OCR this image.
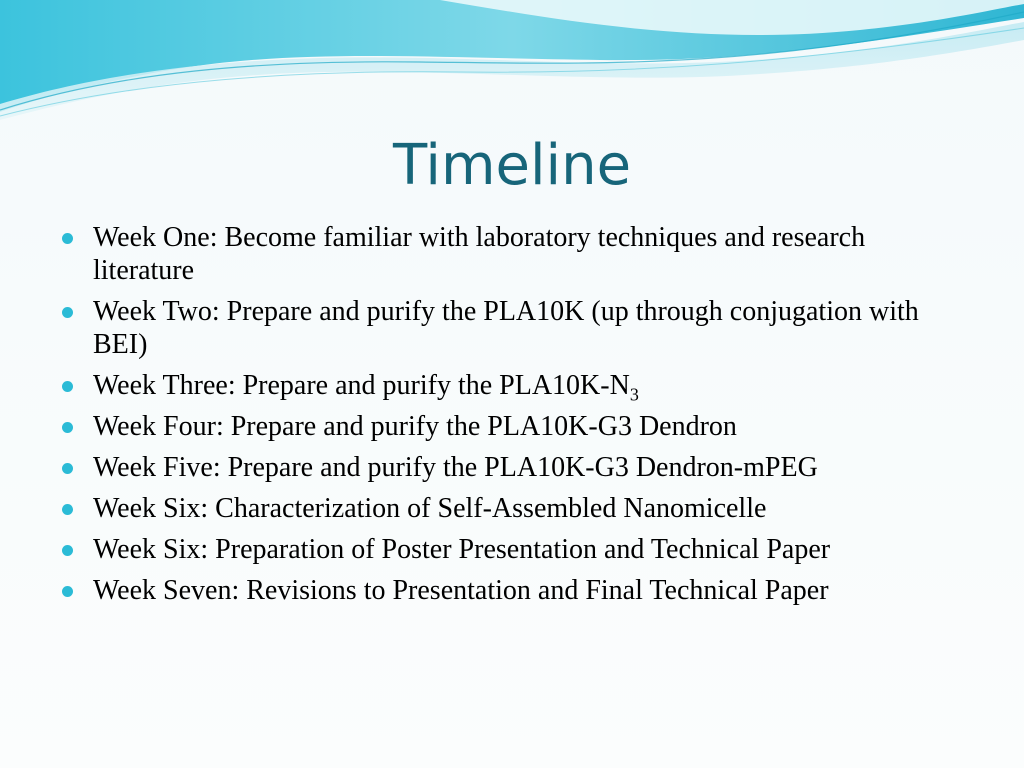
Timeline
Week One: Become familiar with laboratory techniques and research literature
Week Two: Prepare and purify the PLA10K (up through conjugation with BEI)
Week Three: Prepare and purify the $PLA10K-N_3$
Week Four: Prepare and purify the PLA10K-G3 Dendron
Week Five: Prepare and purify the PLA10K-G3 Dendron-mPEG
Week Six: Characterization of Self-Assembled Nanomicelle
Week Six: Preparation of Poster Presentation and Technical Paper
Week Seven: Revisions to Presentation and Final Technical Paper
